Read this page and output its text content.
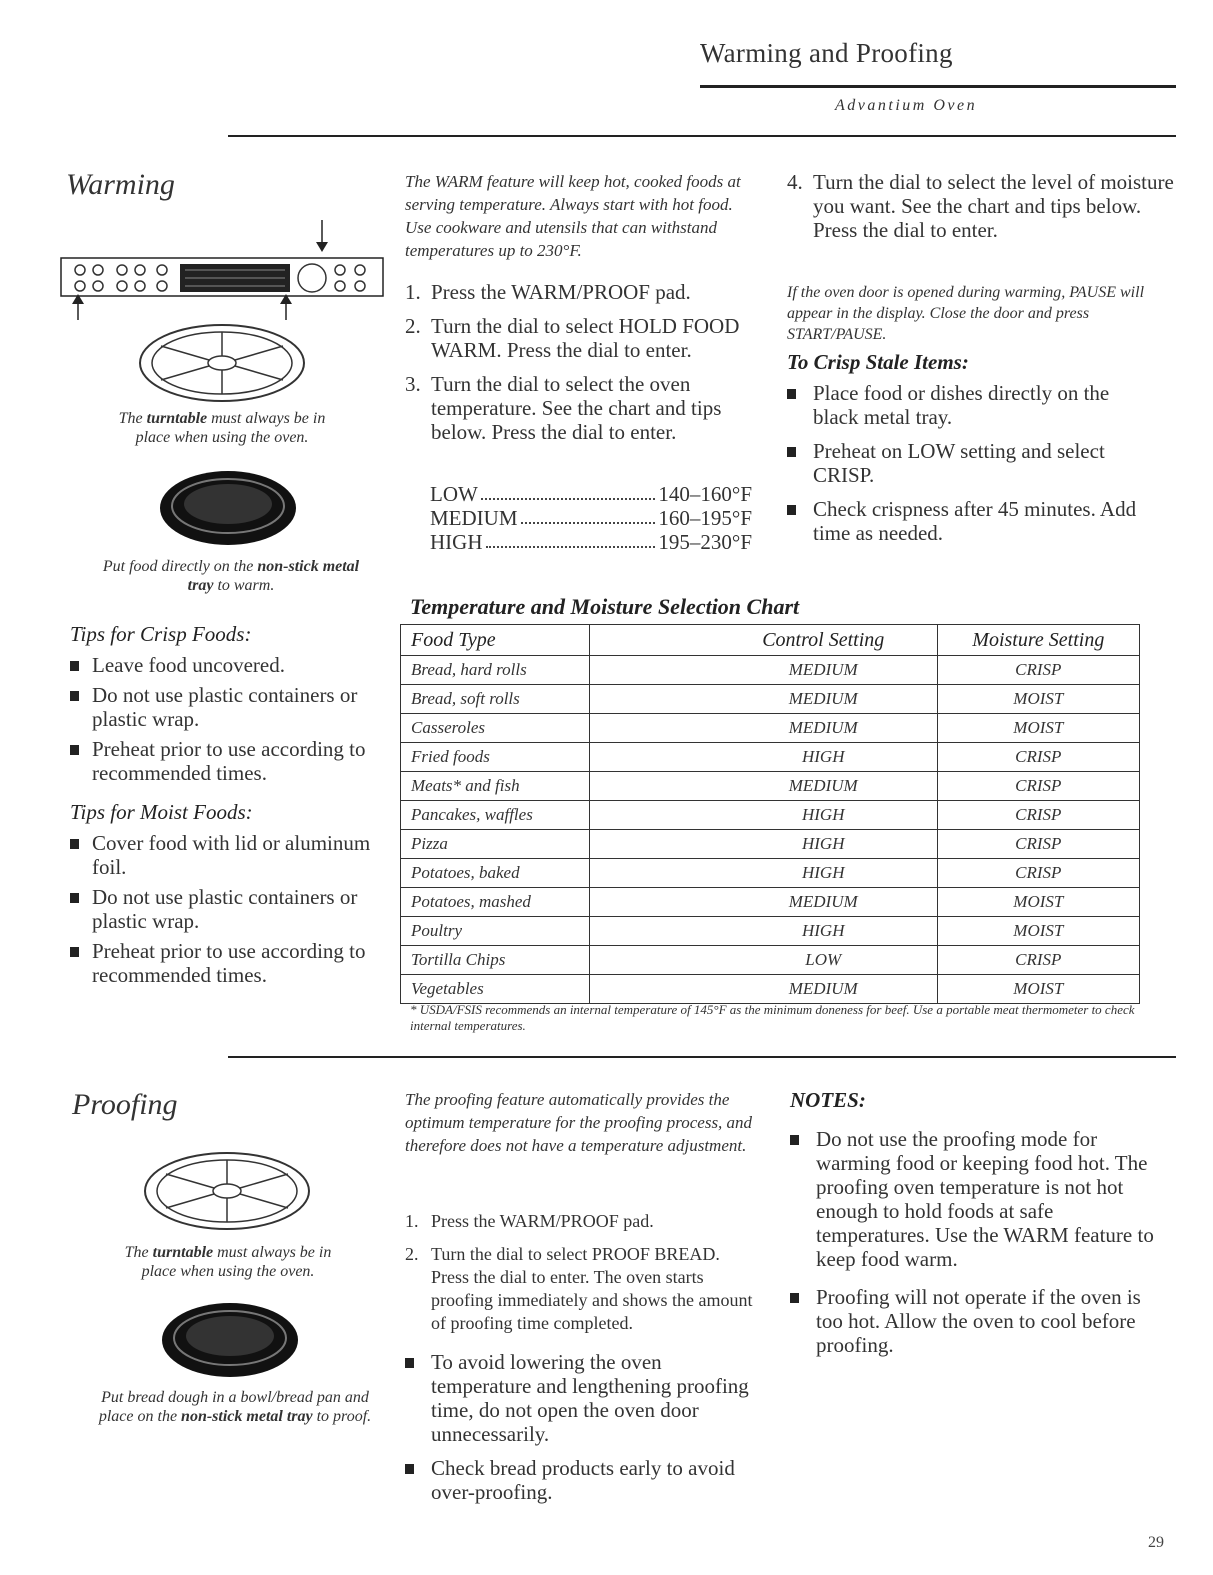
Warming and Proofing
Advantium Oven
Warming
The turntable must always be in place when using the oven.
Put food directly on the non-stick metal tray to warm.
Tips for Crisp Foods:
Leave food uncovered.
Do not use plastic containers or plastic wrap.
Preheat prior to use according to recommended times.
Tips for Moist Foods:
Cover food with lid or aluminum foil.
Do not use plastic containers or plastic wrap.
Preheat prior to use according to recommended times.
The WARM feature will keep hot, cooked foods at serving temperature. Always start with hot food. Use cookware and utensils that can withstand temperatures up to 230°F.
1. Press the WARM/PROOF pad.
2. Turn the dial to select HOLD FOOD WARM. Press the dial to enter.
3. Turn the dial to select the oven temperature. See the chart and tips below. Press the dial to enter.
LOW	140–160°F
MEDIUM	160–195°F
HIGH	195–230°F
4. Turn the dial to select the level of moisture you want. See the chart and tips below. Press the dial to enter.
If the oven door is opened during warming, PAUSE will appear in the display. Close the door and press START/PAUSE.
To Crisp Stale Items:
Place food or dishes directly on the black metal tray.
Preheat on LOW setting and select CRISP.
Check crispness after 45 minutes. Add time as needed.
Temperature and Moisture Selection Chart
Food Type	Control Setting	Moisture Setting
Bread, hard rolls	MEDIUM	CRISP
Bread, soft rolls	MEDIUM	MOIST
Casseroles	MEDIUM	MOIST
Fried foods	HIGH	CRISP
Meats* and fish	MEDIUM	CRISP
Pancakes, waffles	HIGH	CRISP
Pizza	HIGH	CRISP
Potatoes, baked	HIGH	CRISP
Potatoes, mashed	MEDIUM	MOIST
Poultry	HIGH	MOIST
Tortilla Chips	LOW	CRISP
Vegetables	MEDIUM	MOIST
* USDA/FSIS recommends an internal temperature of 145°F as the minimum doneness for beef. Use a portable meat thermometer to check internal temperatures.
Proofing
The turntable must always be in place when using the oven.
Put bread dough in a bowl/bread pan and place on the non-stick metal tray to proof.
The proofing feature automatically provides the optimum temperature for the proofing process, and therefore does not have a temperature adjustment.
1. Press the WARM/PROOF pad.
2. Turn the dial to select PROOF BREAD. Press the dial to enter. The oven starts proofing immediately and shows the amount of proofing time completed.
To avoid lowering the oven temperature and lengthening proofing time, do not open the oven door unnecessarily.
Check bread products early to avoid over-proofing.
NOTES:
Do not use the proofing mode for warming food or keeping food hot. The proofing oven temperature is not hot enough to hold foods at safe temperatures. Use the WARM feature to keep food warm.
Proofing will not operate if the oven is too hot. Allow the oven to cool before proofing.
29
